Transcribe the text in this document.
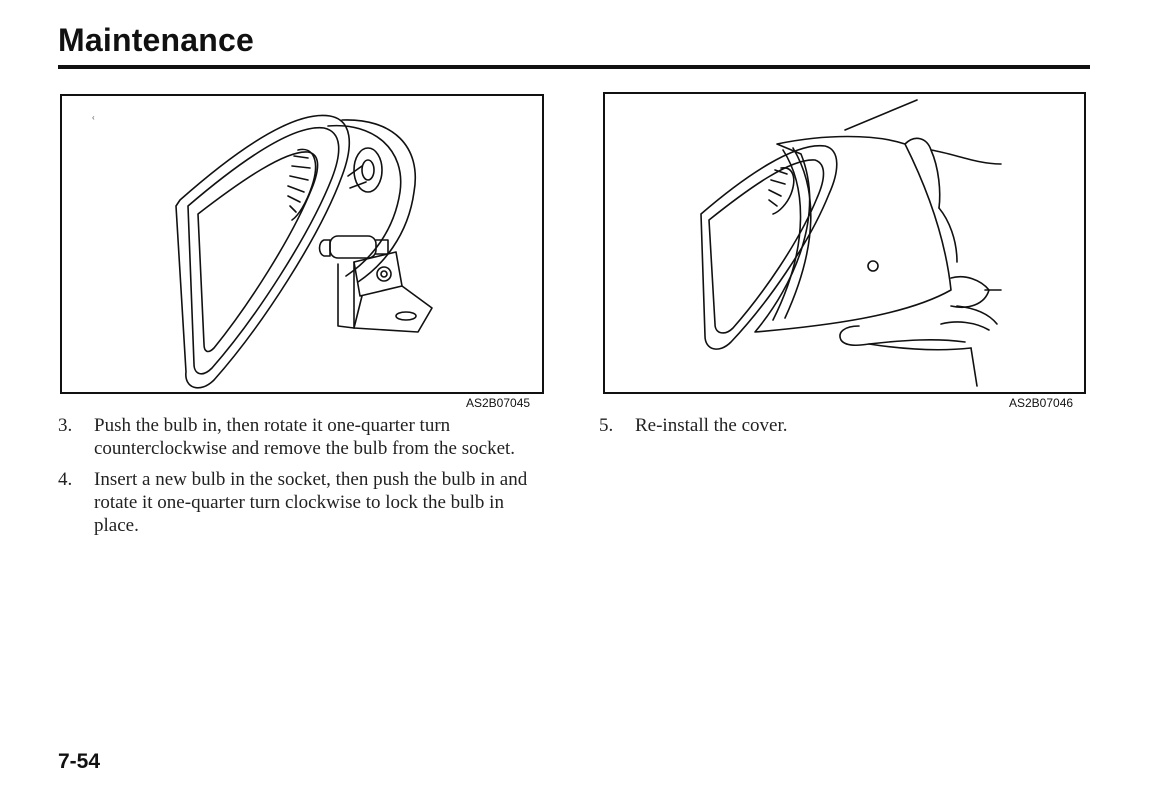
Maintenance
‹
AS2B07045	AS2B07046
3. Push the bulb in, then rotate it one-quarter turn counterclockwise and remove the bulb from the socket.
4. Insert a new bulb in the socket, then push the bulb in and rotate it one-quarter turn clockwise to lock the bulb in place.
5. Re-install the cover.
7-54
